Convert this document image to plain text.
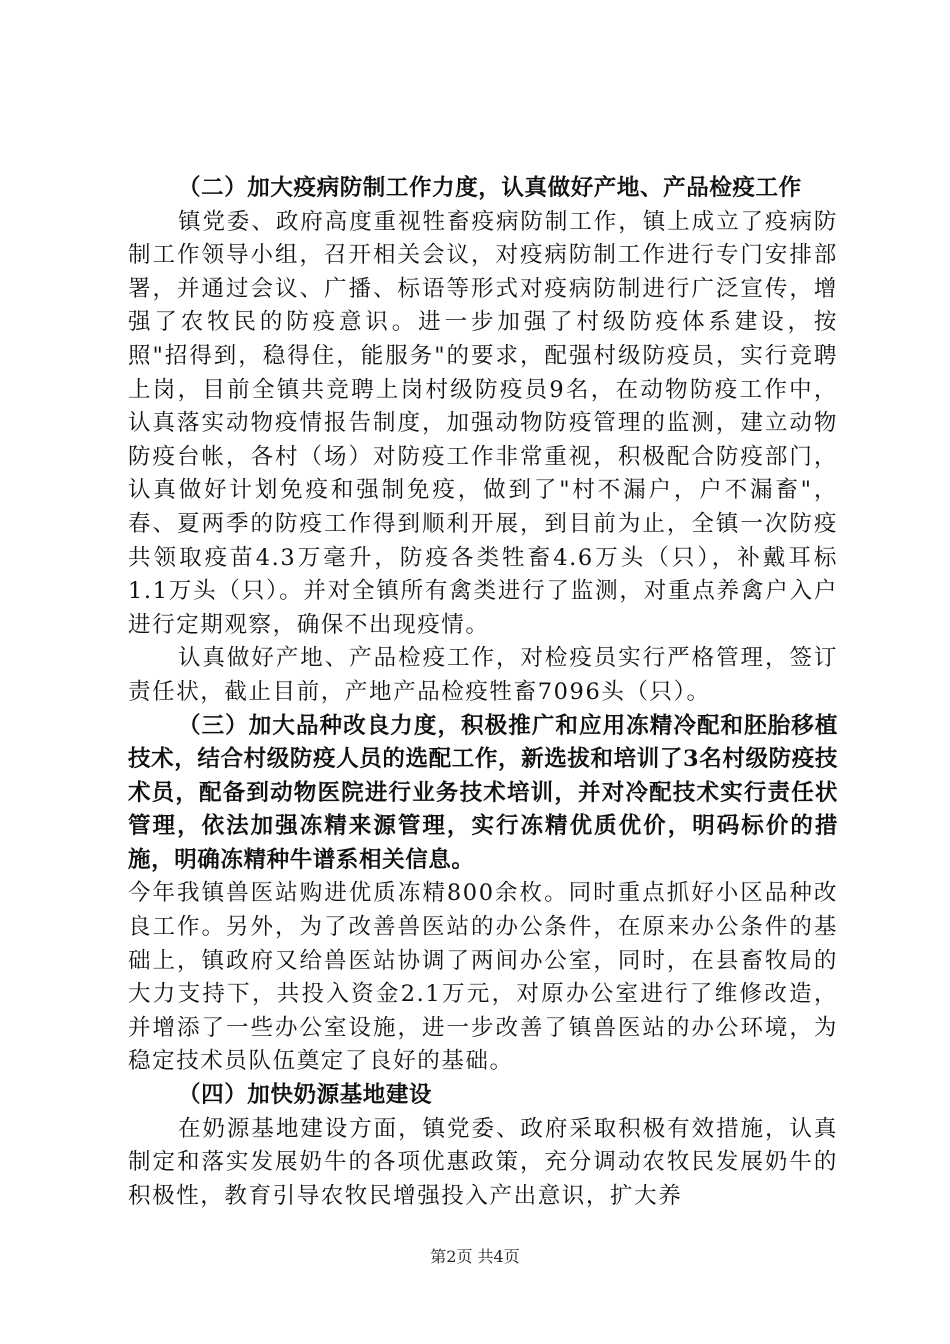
（二）加大疫病防制工作力度，认真做好产地、产品检疫工作

镇党委、政府高度重视牲畜疫病防制工作，镇上成立了疫病防制工作领导小组，召开相关会议，对疫病防制工作进行专门安排部署，并通过会议、广播、标语等形式对疫病防制进行广泛宣传，增强了农牧民的防疫意识。进一步加强了村级防疫体系建设，按照"招得到，稳得住，能服务"的要求，配强村级防疫员，实行竞聘上岗，目前全镇共竞聘上岗村级防疫员9名，在动物防疫工作中，认真落实动物疫情报告制度，加强动物防疫管理的监测，建立动物防疫台帐，各村（场）对防疫工作非常重视，积极配合防疫部门，认真做好计划免疫和强制免疫，做到了"村不漏户，户不漏畜"，春、夏两季的防疫工作得到顺利开展，到目前为止，全镇一次防疫共领取疫苗4.3万毫升，防疫各类牲畜4.6万头（只），补戴耳标1.1万头（只）。并对全镇所有禽类进行了监测，对重点养禽户入户进行定期观察，确保不出现疫情。

认真做好产地、产品检疫工作，对检疫员实行严格管理，签订责任状，截止目前，产地产品检疫牲畜7096头（只）。

（三）加大品种改良力度，积极推广和应用冻精冷配和胚胎移植技术，结合村级防疫人员的选配工作，新选拔和培训了3名村级防疫技术员，配备到动物医院进行业务技术培训，并对冷配技术实行责任状管理，依法加强冻精来源管理，实行冻精优质优价，明码标价的措施，明确冻精种牛谱系相关信息。

今年我镇兽医站购进优质冻精800余枚。同时重点抓好小区品种改良工作。另外，为了改善兽医站的办公条件，在原来办公条件的基础上，镇政府又给兽医站协调了两间办公室，同时，在县畜牧局的大力支持下，共投入资金2.1万元，对原办公室进行了维修改造，并增添了一些办公室设施，进一步改善了镇兽医站的办公环境，为稳定技术员队伍奠定了良好的基础。

（四）加快奶源基地建设

在奶源基地建设方面，镇党委、政府采取积极有效措施，认真制定和落实发展奶牛的各项优惠政策，充分调动农牧民发展奶牛的积极性，教育引导农牧民增强投入产出意识，扩大养

第2页 共4页
